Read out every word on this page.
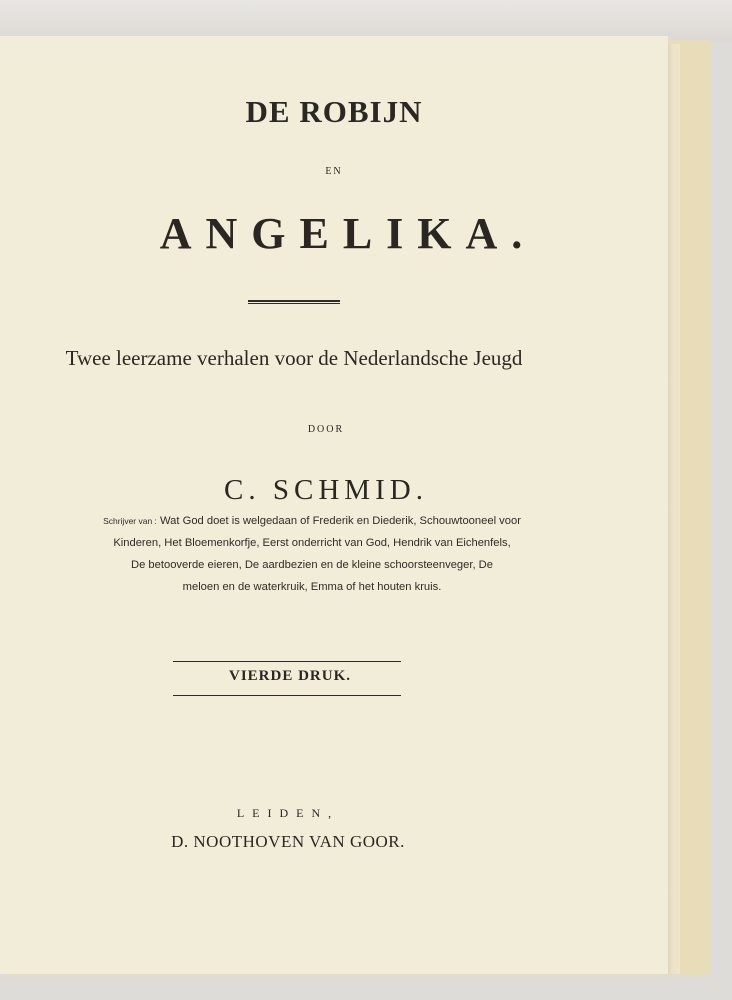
DE ROBIJN
EN
ANGELIKA.
Twee leerzame verhalen voor de Nederlandsche Jeugd
DOOR
C. SCHMID.
Schrijver van : Wat God doet is welgedaan of Frederik en Diederik, Schouwtooneel voor
Kinderen, Het Bloemenkorfje, Eerst onderricht van God, Hendrik van Eichenfels,
De betooverde eieren, De aardbezien en de kleine schoorsteenveger, De
meloen en de waterkruik, Emma of het houten kruis.
VIERDE DRUK.
LEIDEN,
D. NOOTHOVEN VAN GOOR.
